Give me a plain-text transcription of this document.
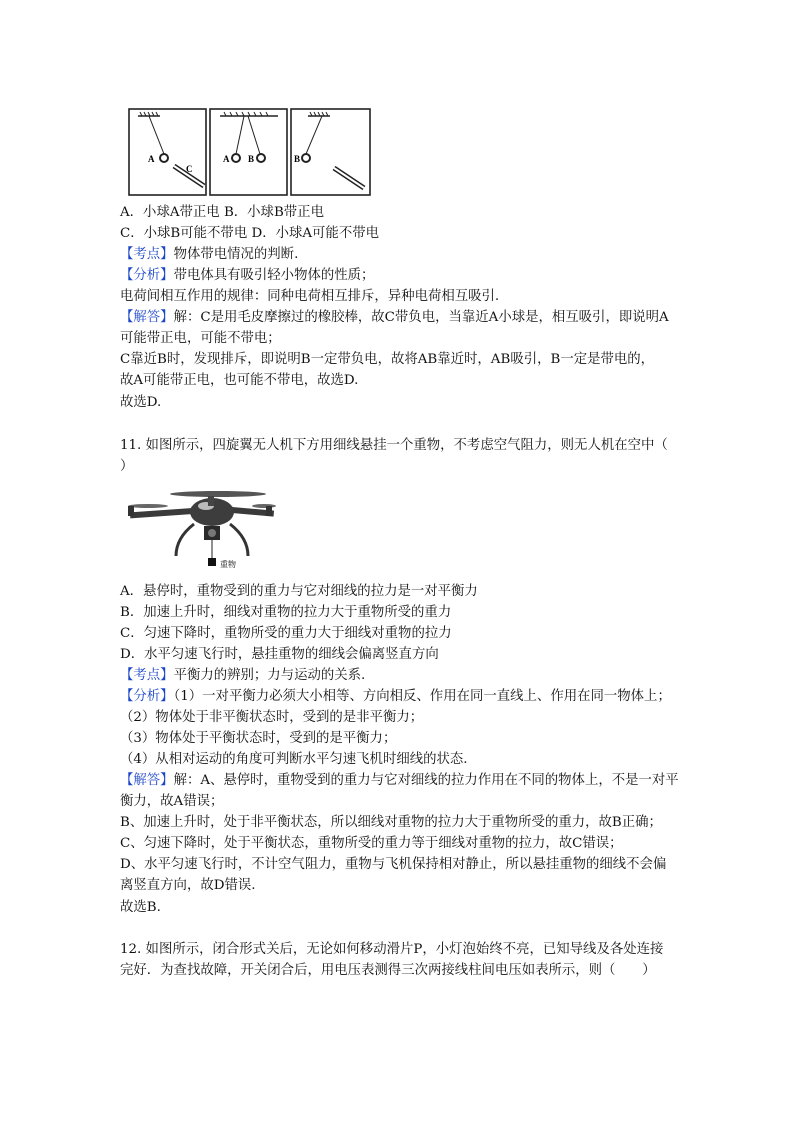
A
C
A B	B
A．小球A带正电 B．小球B带正电
C．小球B可能不带电 D．小球A可能不带电
【考点】物体带电情况的判断.
【分析】带电体具有吸引轻小物体的性质；
电荷间相互作用的规律：同种电荷相互排斥，异种电荷相互吸引.
【解答】解：C是用毛皮摩擦过的橡胶棒，故C带负电，当靠近A小球是，相互吸引，即说明A
可能带正电，可能不带电；
C靠近B时，发现排斥，即说明B一定带负电，故将AB靠近时，AB吸引，B一定是带电的，
故A可能带正电，也可能不带电，故选D.
故选D.
11. 如图所示，四旋翼无人机下方用细线悬挂一个重物，不考虑空气阻力，则无人机在空中（
）
A．悬停时，重物受到的重力与它对细线的拉力是一对平衡力
B．加速上升时，细线对重物的拉力大于重物所受的重力
C．匀速下降时，重物所受的重力大于细线对重物的拉力
D．水平匀速飞行时，悬挂重物的细线会偏离竖直方向
【考点】平衡力的辨别；力与运动的关系.
【分析】（1）一对平衡力必须大小相等、方向相反、作用在同一直线上、作用在同一物体上；
（2）物体处于非平衡状态时，受到的是非平衡力；
（3）物体处于平衡状态时，受到的是平衡力；
（4）从相对运动的角度可判断水平匀速飞机时细线的状态.
【解答】解：A、悬停时，重物受到的重力与它对细线的拉力作用在不同的物体上，不是一对平
衡力，故A错误；
B、加速上升时，处于非平衡状态，所以细线对重物的拉力大于重物所受的重力，故B正确；
C、匀速下降时，处于平衡状态，重物所受的重力等于细线对重物的拉力，故C错误；
D、水平匀速飞行时，不计空气阻力，重物与飞机保持相对静止，所以悬挂重物的细线不会偏
离竖直方向，故D错误.
故选B.
12. 如图所示，闭合形式关后，无论如何移动滑片P，小灯泡始终不亮，已知导线及各处连接
完好．为查找故障，开关闭合后，用电压表测得三次两接线柱间电压如表所示，则（　　）
重物
